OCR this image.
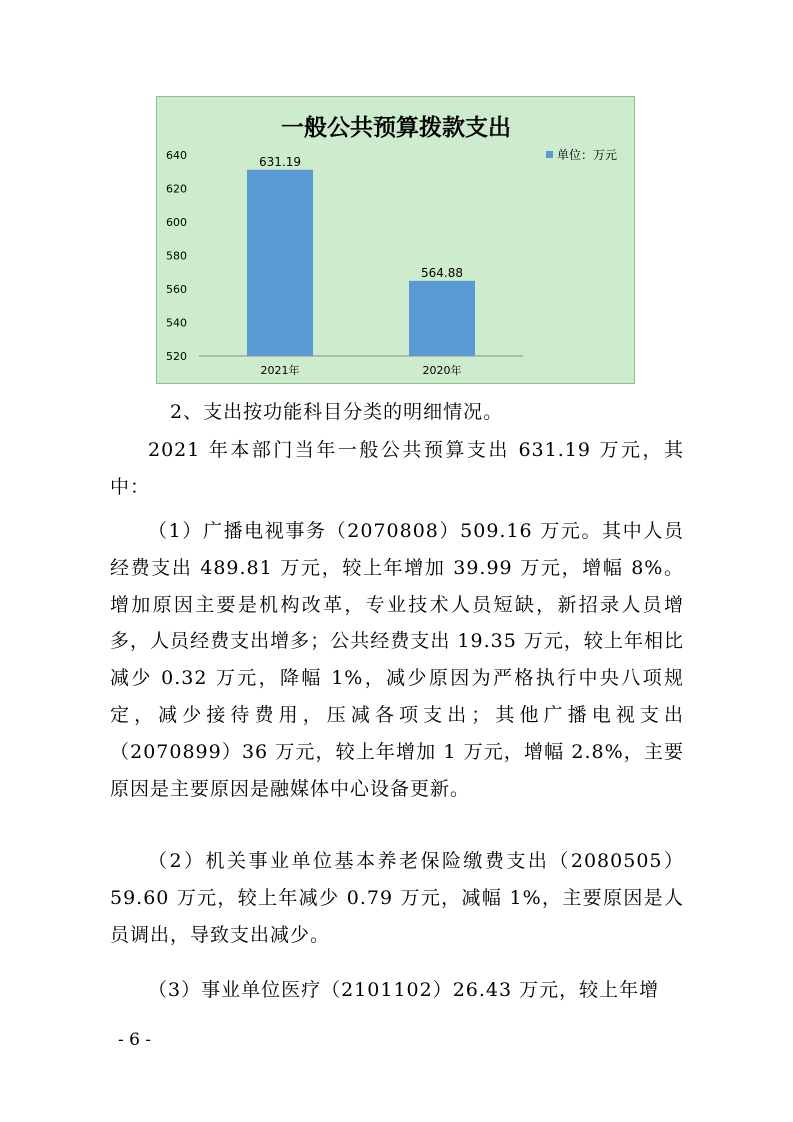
一般公共预算拨款支出
520
540
560
580
600
620
640	631.19
2021年
564.88
2020年
单位：万元

2、支出按功能科目分类的明细情况。

2021 年本部门当年一般公共预算支出 631.19 万元，其中：

（1）广播电视事务（2070808）509.16 万元。其中人员经费支出 489.81 万元，较上年增加 39.99 万元，增幅 8%。增加原因主要是机构改革，专业技术人员短缺，新招录人员增多，人员经费支出增多；公共经费支出 19.35 万元，较上年相比减少 0.32 万元，降幅 1%，减少原因为严格执行中央八项规定，减少接待费用，压减各项支出；其他广播电视支出（2070899）36 万元，较上年增加 1 万元，增幅 2.8%，主要原因是主要原因是融媒体中心设备更新。

（2）机关事业单位基本养老保险缴费支出（2080505）59.60 万元，较上年减少 0.79 万元，减幅 1%，主要原因是人员调出，导致支出减少。

（3）事业单位医疗（2101102）26.43 万元，较上年增

- 6 -
